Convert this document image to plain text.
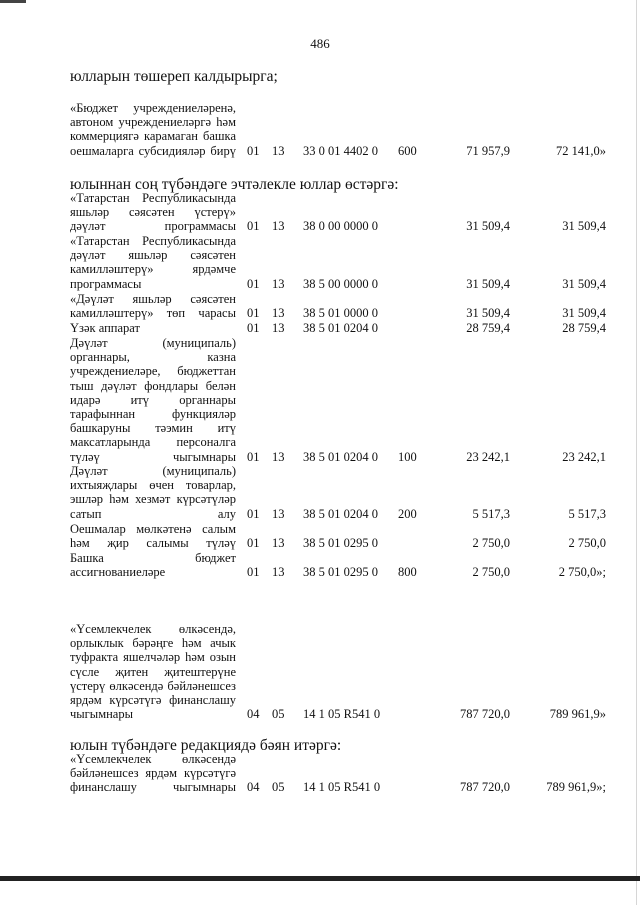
486
юлларын төшереп калдырырга;
«Бюджет учреждениеләренә, автоном учреждениеләргә һәм коммерциягә карамаган башка оешмаларга субсидияләр бирү 01 13 33 0 01 4402 0 600	71 957,9	72 141,0»
юлыннан соң түбәндәге эчтәлекле юллар өстәргә:
«Татарстан Республикасында яшьләр сәясәтен үстерү» дәүләт программасы 01 13 38 0 00 0000 0	31 509,4	31 509,4
«Татарстан Республикасында дәүләт яшьләр сәясәтен камилләштерү» ярдәмче программасы	01 13 38 5 00 0000 0	31 509,4	31 509,4
«Дәүләт яшьләр сәясәтен камилләштерү» төп чарасы 01 13 38 5 01 0000 0	31 509,4	31 509,4
Үзәк аппарат	01 13 38 5 01 0204 0	28 759,4	28 759,4
Дәүләт (муниципаль) органнары, казна учреждениеләре, бюджеттан тыш дәүләт фондлары белән идарә итү органнары тарафыннан функцияләр башкаруны тәэмин итү максатларында персоналга түләү чыгымнары 01 13 38 5 01 0204 0 100	23 242,1	23 242,1
Дәүләт (муниципаль) ихтыяҗлары өчен товарлар, эшләр һәм хезмәт күрсәтүләр сатып алу 01 13 38 5 01 0204 0 200	5 517,3	5 517,3
Оешмалар мөлкәтенә салым һәм җир салымы түләү 01 13 38 5 01 0295 0	2 750,0	2 750,0
Башка бюджет ассигнованиеләре	01 13 38 5 01 0295 0 800	2 750,0	2 750,0»;
«Үсемлекчелек өлкәсендә, орлыклык бәрәңге һәм ачык туфракта яшелчәләр һәм озын сүсле җитен җитештерүне үстерү өлкәсендә бәйләнешсез ярдәм күрсәтүгә финанслашу чыгымнары	04 05 14 1 05 R541 0	787 720,0	789 961,9»
юлын түбәндәге редакциядә бәян итәргә:
«Үсемлекчелек өлкәсендә бәйләнешсез ярдәм күрсәтүгә финанслашу чыгымнары 04 05 14 1 05 R541 0	787 720,0	789 961,9»;
